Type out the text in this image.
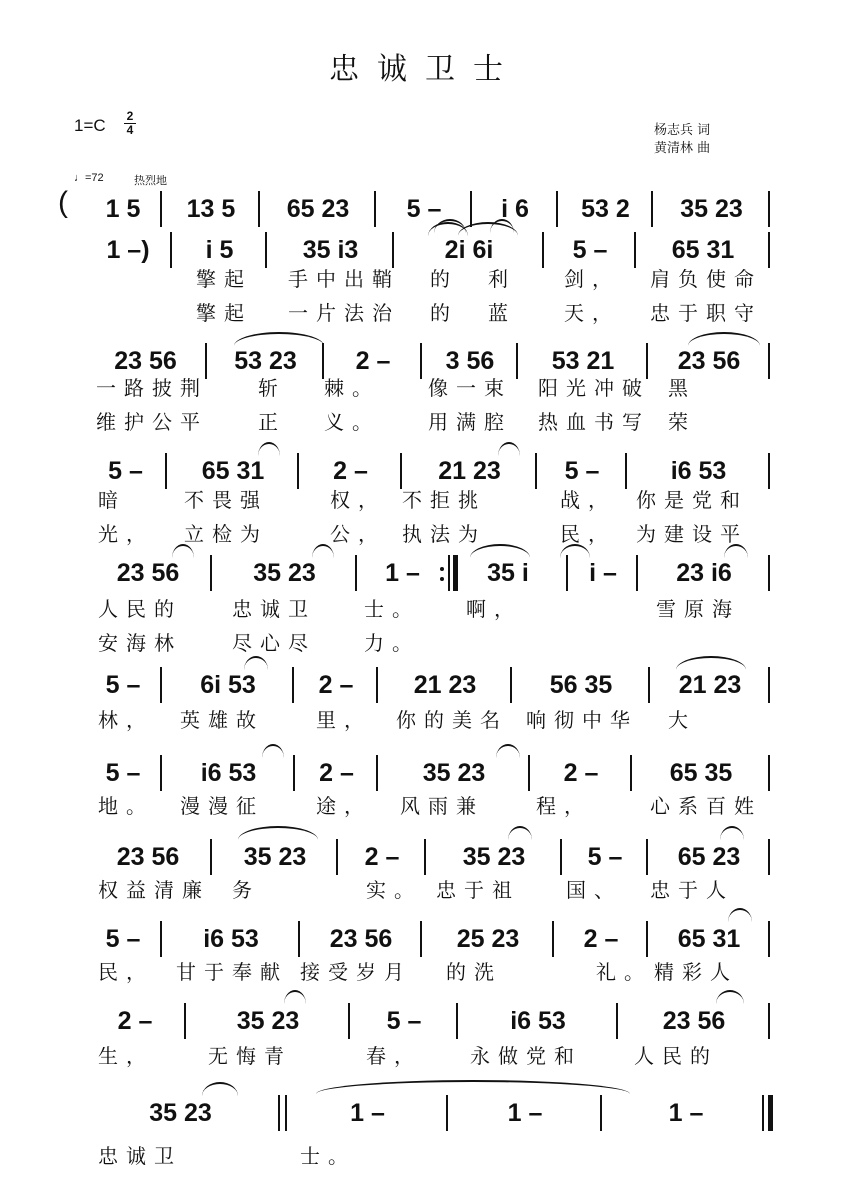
忠诚卫士
1=C 2
4	杨志兵 词
黄清林 曲
♩=72	热烈地
(	1 5	13 5	65 23	5 –	i 6	53 2	35 23
1 –)	i 5	35 i3	2i 6i	5 –	65 31
23 56	53 23	2 –	3 56	53 21	23 56
5 –	65 31	2 –	21 23	5 –	i6 53
23 56	35 23	1 –	35 i	i –	23 i6
5 –	6i 53	2 –	21 23	56 35	21 23
5 –	i6 53	2 –	35 23	2 –	65 35
23 56	35 23	2 –	35 23	5 –	65 23
5 –	i6 53	23 56	25 23	2 –	65 31
2 –	35 23	5 –	i6 53	23 56
35 23	1 –	1 –	1 –
擎起 手中出鞘 的 利 剑， 肩负使命
擎起 一片法治 的 蓝 天， 忠于职守
一路披荆	斩 棘。 像一束 阳光冲破 黑
维护公平	正 义。 用满腔 热血书写 荣
暗	不畏强	权， 不拒挑	战， 你是党和
光， 立检为	公， 执法为	民， 为建设平
人民的	忠诚卫 士。 啊，	雪原海
安海林	尽心尽 力。
林， 英雄故	里， 你的美名 响彻中华 大
地。 漫漫征	途， 风雨兼	程，	心系百姓
权益清廉 务	实。 忠于祖 国、 忠于人
民， 甘于奉献 接受岁月 的洗	礼。 精彩人
生，	无悔青	春， 永做党和	人民的
忠诚卫	士。
